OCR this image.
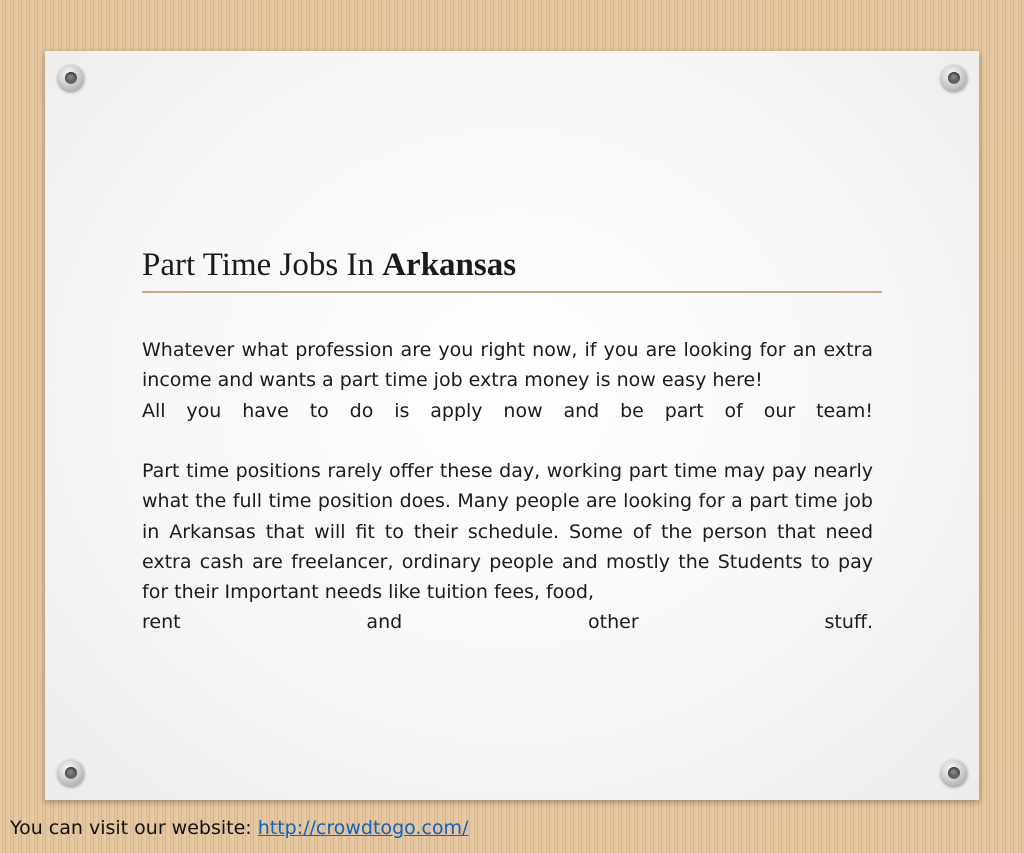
Part Time Jobs In Arkansas

Whatever what profession are you right now, if you are looking for an extra income and wants a part time job extra money is now easy here!
All you have to do is apply now and be part of our team!

Part time positions rarely offer these day, working part time may pay nearly what the full time position does. Many people are looking for a part time job in Arkansas that will fit to their schedule. Some of the person that need extra cash are freelancer, ordinary people and mostly the Students to pay for their Important needs like tuition fees, food,
rent and other stuff.

You can visit our website: http://crowdtogo.com/
